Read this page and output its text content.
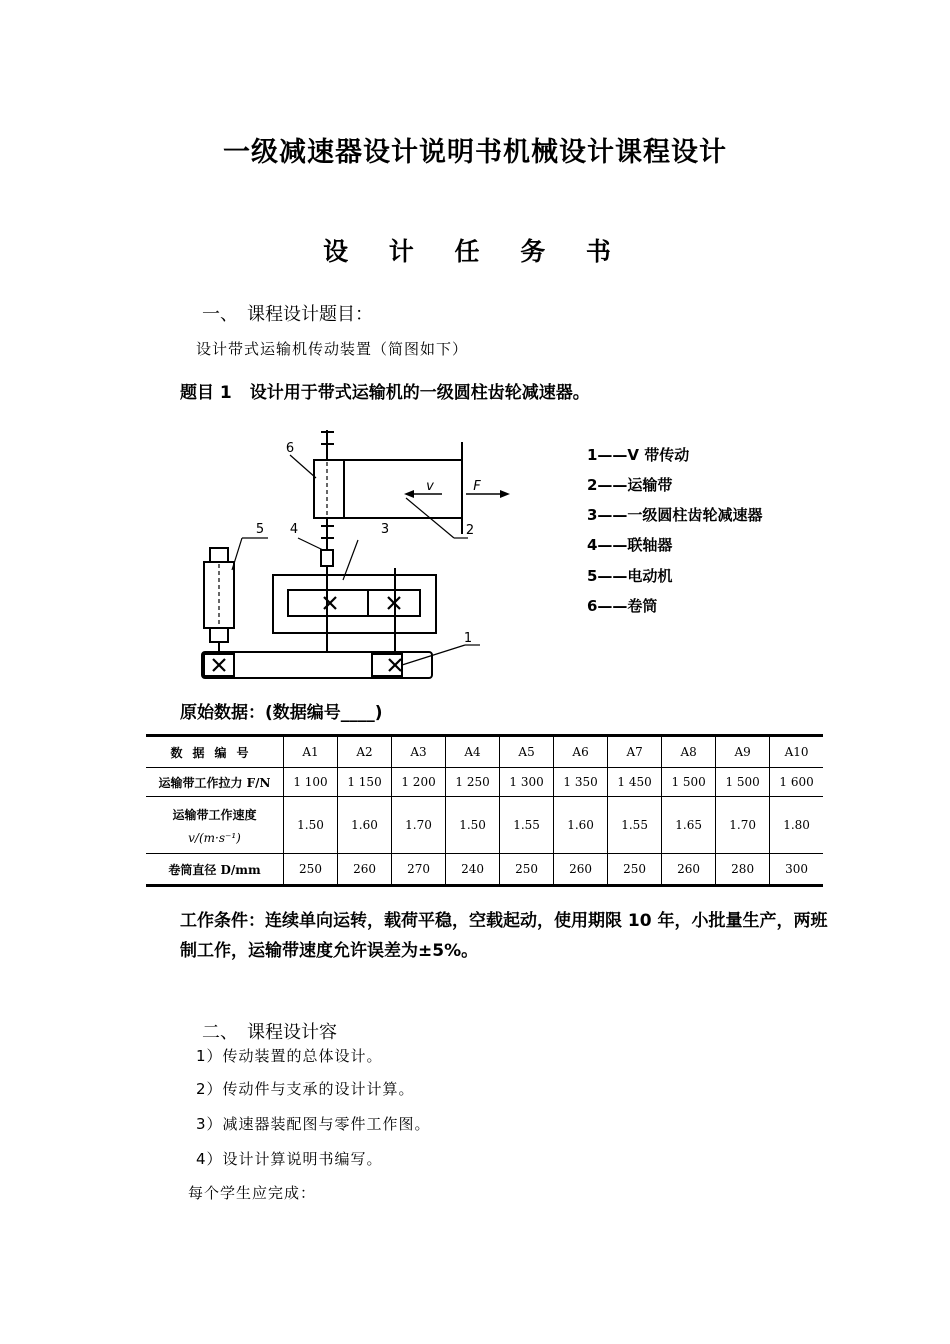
一级减速器设计说明书机械设计课程设计
设 计 任 务 书
一、　课程设计题目：
设计带式运输机传动装置（简图如下）
题目 1 设计用于带式运输机的一级圆柱齿轮减速器。
6
2
3
4
5
1
v	F
1——V 带传动
2——运输带
3——一级圆柱齿轮减速器
4——联轴器
5——电动机
6——卷筒
原始数据：(数据编号____)
数据编号	A1	A2	A3	A4	A5	A6	A7	A8	A9	A10
运输带工作拉力 F/N	1 100	1 150	1 200	1 250	1 300	1 350	1 450	1 500	1 500	1 600

运输带工作速度
v/(m·s⁻¹)	1.50	1.60	1.70	1.50	1.55	1.60	1.55	1.65	1.70	1.80
卷筒直径 D/mm	250	260	270	240	250	260	250	260	280	300
工作条件：连续单向运转，载荷平稳，空载起动，使用期限 10 年，小批量生产，两班制工作，运输带速度允许误差为±5%。
二、　课程设计容
1）传动装置的总体设计。
2）传动件与支承的设计计算。
3）减速器装配图与零件工作图。
4）设计计算说明书编写。
每个学生应完成：
